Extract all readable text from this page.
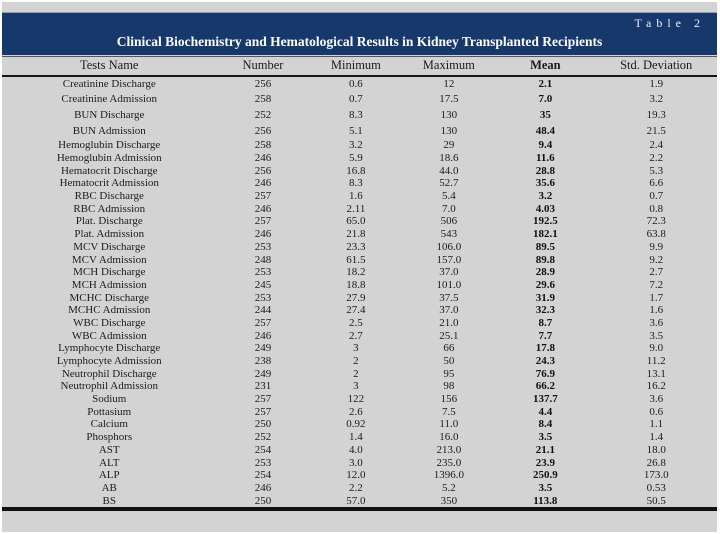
Table 2
Clinical Biochemistry and Hematological Results in Kidney Transplanted Recipients
Tests Name	Number	Minimum	Maximum	Mean	Std. Deviation
Creatinine Discharge	256	0.6	12	2.1	1.9
Creatinine Admission	258	0.7	17.5	7.0	3.2
BUN Discharge	252	8.3	130	35	19.3
BUN Admission	256	5.1	130	48.4	21.5
Hemoglubin Discharge	258	3.2	29	9.4	2.4
Hemoglubin Admission	246	5.9	18.6	11.6	2.2
Hematocrit Discharge	256	16.8	44.0	28.8	5.3
Hematocrit Admission	246	8.3	52.7	35.6	6.6
RBC Discharge	257	1.6	5.4	3.2	0.7
RBC Admission	246	2.11	7.0	4.03	0.8
Plat. Discharge	257	65.0	506	192.5	72.3
Plat. Admission	246	21.8	543	182.1	63.8
MCV Discharge	253	23.3	106.0	89.5	9.9
MCV Admission	248	61.5	157.0	89.8	9.2
MCH Discharge	253	18.2	37.0	28.9	2.7
MCH Admission	245	18.8	101.0	29.6	7.2
MCHC Discharge	253	27.9	37.5	31.9	1.7
MCHC Admission	244	27.4	37.0	32.3	1.6
WBC Discharge	257	2.5	21.0	8.7	3.6
WBC Admission	246	2.7	25.1	7.7	3.5
Lymphocyte Discharge	249	3	66	17.8	9.0
Lymphocyte Admission	238	2	50	24.3	11.2
Neutrophil Discharge	249	2	95	76.9	13.1
Neutrophil Admission	231	3	98	66.2	16.2
Sodium	257	122	156	137.7	3.6
Pottasium	257	2.6	7.5	4.4	0.6
Calcium	250	0.92	11.0	8.4	1.1
Phosphors	252	1.4	16.0	3.5	1.4
AST	254	4.0	213.0	21.1	18.0
ALT	253	3.0	235.0	23.9	26.8
ALP	254	12.0	1396.0	250.9	173.0
AB	246	2.2	5.2	3.5	0.53
BS	250	57.0	350	113.8	50.5
